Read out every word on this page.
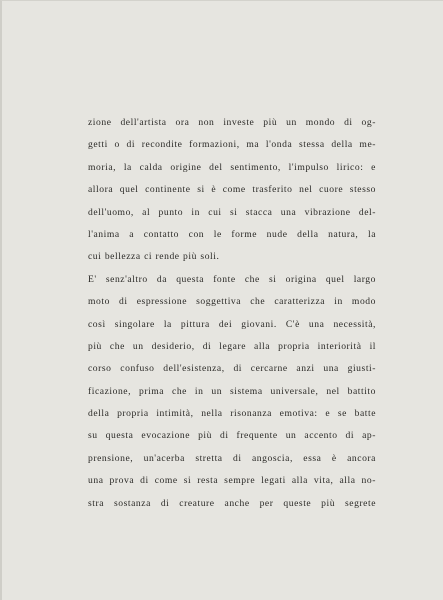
zione dell'artista ora non investe più un mondo di og-
getti o di recondite formazioni, ma l'onda stessa della me-
moria, la calda origine del sentimento, l'impulso lirico: e
allora quel continente si è come trasferito nel cuore stesso
dell'uomo, al punto in cui si stacca una vibrazione del-
l'anima a contatto con le forme nude della natura, la
cui bellezza ci rende più soli.
E' senz'altro da questa fonte che si origina quel largo
moto di espressione soggettiva che caratterizza in modo
così singolare la pittura dei giovani. C'è una necessità,
più che un desiderio, di legare alla propria interiorità il
corso confuso dell'esistenza, di cercarne anzi una giusti-
ficazione, prima che in un sistema universale, nel battito
della propria intimità, nella risonanza emotiva: e se batte
su questa evocazione più di frequente un accento di ap-
prensione, un'acerba stretta di angoscia, essa è ancora
una prova di come si resta sempre legati alla vita, alla no-
stra sostanza di creature anche per queste più segrete
